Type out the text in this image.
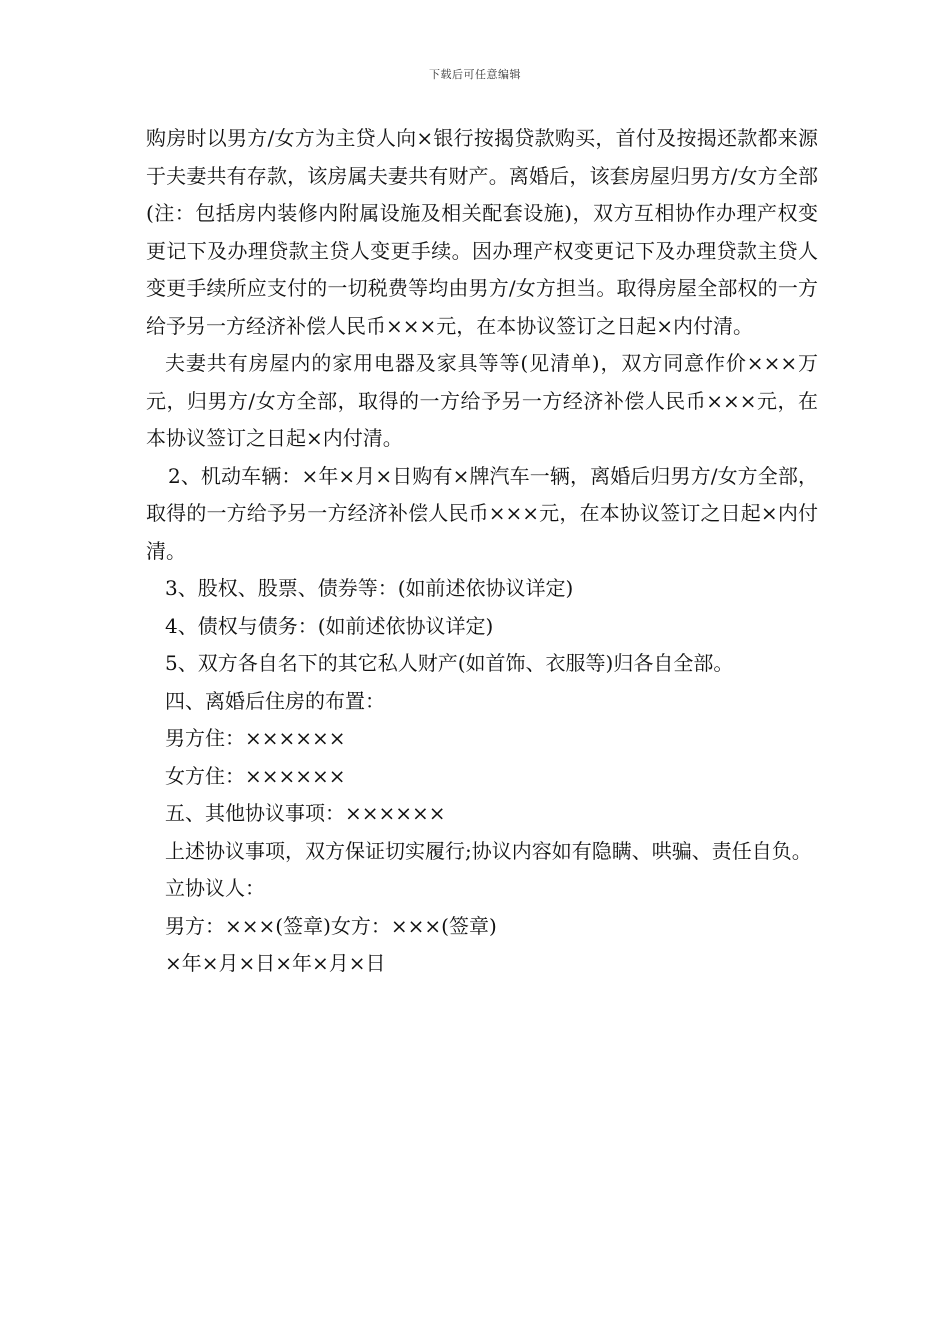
下载后可任意编辑

购房时以男方/女方为主贷人向×银行按揭贷款购买，首付及按揭还款都来源于夫妻共有存款，该房属夫妻共有财产。离婚后，该套房屋归男方/女方全部(注：包括房内装修内附属设施及相关配套设施)，双方互相协作办理产权变更记下及办理贷款主贷人变更手续。因办理产权变更记下及办理贷款主贷人变更手续所应支付的一切税费等均由男方/女方担当。取得房屋全部权的一方给予另一方经济补偿人民币×××元，在本协议签订之日起×内付清。

夫妻共有房屋内的家用电器及家具等等(见清单)，双方同意作价×××万元，归男方/女方全部，取得的一方给予另一方经济补偿人民币×××元，在本协议签订之日起×内付清。

2、机动车辆：×年×月×日购有×牌汽车一辆，离婚后归男方/女方全部，取得的一方给予另一方经济补偿人民币×××元，在本协议签订之日起×内付清。

3、股权、股票、债券等：(如前述依协议详定)

4、债权与债务：(如前述依协议详定)

5、双方各自名下的其它私人财产(如首饰、衣服等)归各自全部。

四、离婚后住房的布置：

男方住：××××××

女方住：××××××

五、其他协议事项：××××××

上述协议事项，双方保证切实履行;协议内容如有隐瞒、哄骗、责任自负。

立协议人：

男方：×××(签章)女方：×××(签章)

×年×月×日×年×月×日
